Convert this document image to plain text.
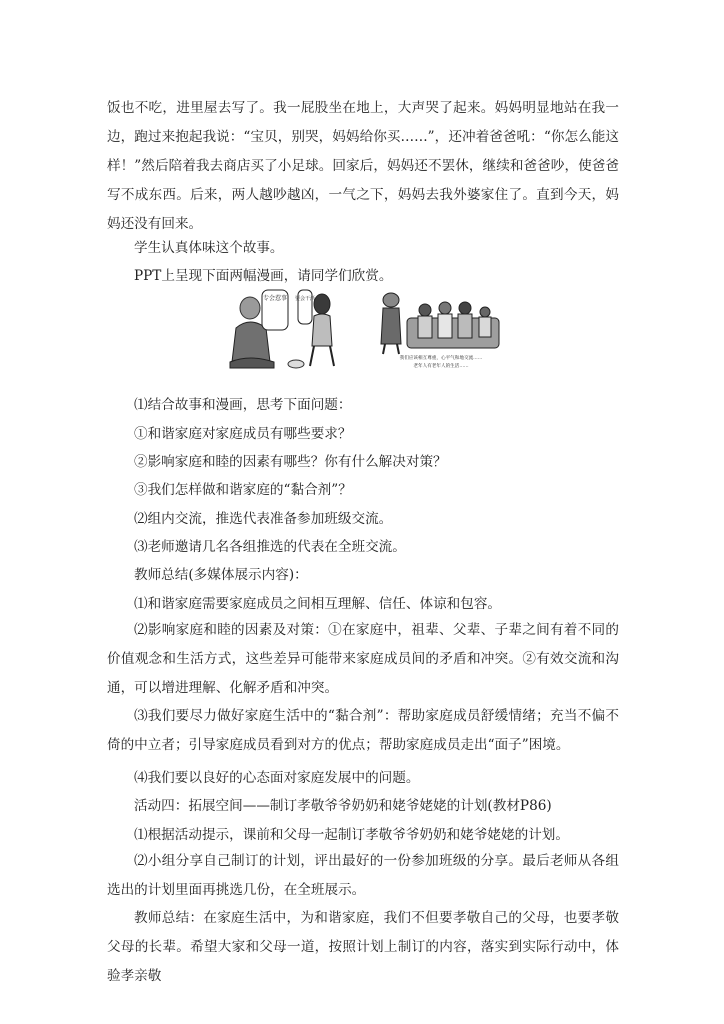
饭也不吃，进里屋去写了。我一屁股坐在地上，大声哭了起来。妈妈明显地站在我一边，跑过来抱起我说：“宝贝，别哭，妈妈给你买……”，还冲着爸爸吼：“你怎么能这样！”然后陪着我去商店买了小足球。回家后，妈妈还不罢休，继续和爸爸吵，使爸爸写不成东西。后来，两人越吵越凶，一气之下，妈妈去我外婆家住了。直到今天，妈妈还没有回来。

学生认真体味这个故事。

PPT上呈现下面两幅漫画，请同学们欣赏。

专会惹事 要会干活
我们应该相互尊重，心平气和地交流……
老年人有老年人的生活……

⑴结合故事和漫画，思考下面问题：

①和谐家庭对家庭成员有哪些要求？

②影响家庭和睦的因素有哪些？你有什么解决对策？

③我们怎样做和谐家庭的“黏合剂”？

⑵组内交流，推选代表准备参加班级交流。

⑶老师邀请几名各组推选的代表在全班交流。

教师总结(多媒体展示内容)：

⑴和谐家庭需要家庭成员之间相互理解、信任、体谅和包容。

⑵影响家庭和睦的因素及对策：①在家庭中，祖辈、父辈、子辈之间有着不同的价值观念和生活方式，这些差异可能带来家庭成员间的矛盾和冲突。②有效交流和沟通，可以增进理解、化解矛盾和冲突。

⑶我们要尽力做好家庭生活中的“黏合剂”：帮助家庭成员舒缓情绪；充当不偏不倚的中立者；引导家庭成员看到对方的优点；帮助家庭成员走出“面子”困境。

⑷我们要以良好的心态面对家庭发展中的问题。

活动四：拓展空间——制订孝敬爷爷奶奶和姥爷姥姥的计划(教材P86)

⑴根据活动提示，课前和父母一起制订孝敬爷爷奶奶和姥爷姥姥的计划。

⑵小组分享自己制订的计划，评出最好的一份参加班级的分享。最后老师从各组选出的计划里面再挑选几份，在全班展示。

教师总结：在家庭生活中，为和谐家庭，我们不但要孝敬自己的父母，也要孝敬父母的长辈。希望大家和父母一道，按照计划上制订的内容，落实到实际行动中，体验孝亲敬
